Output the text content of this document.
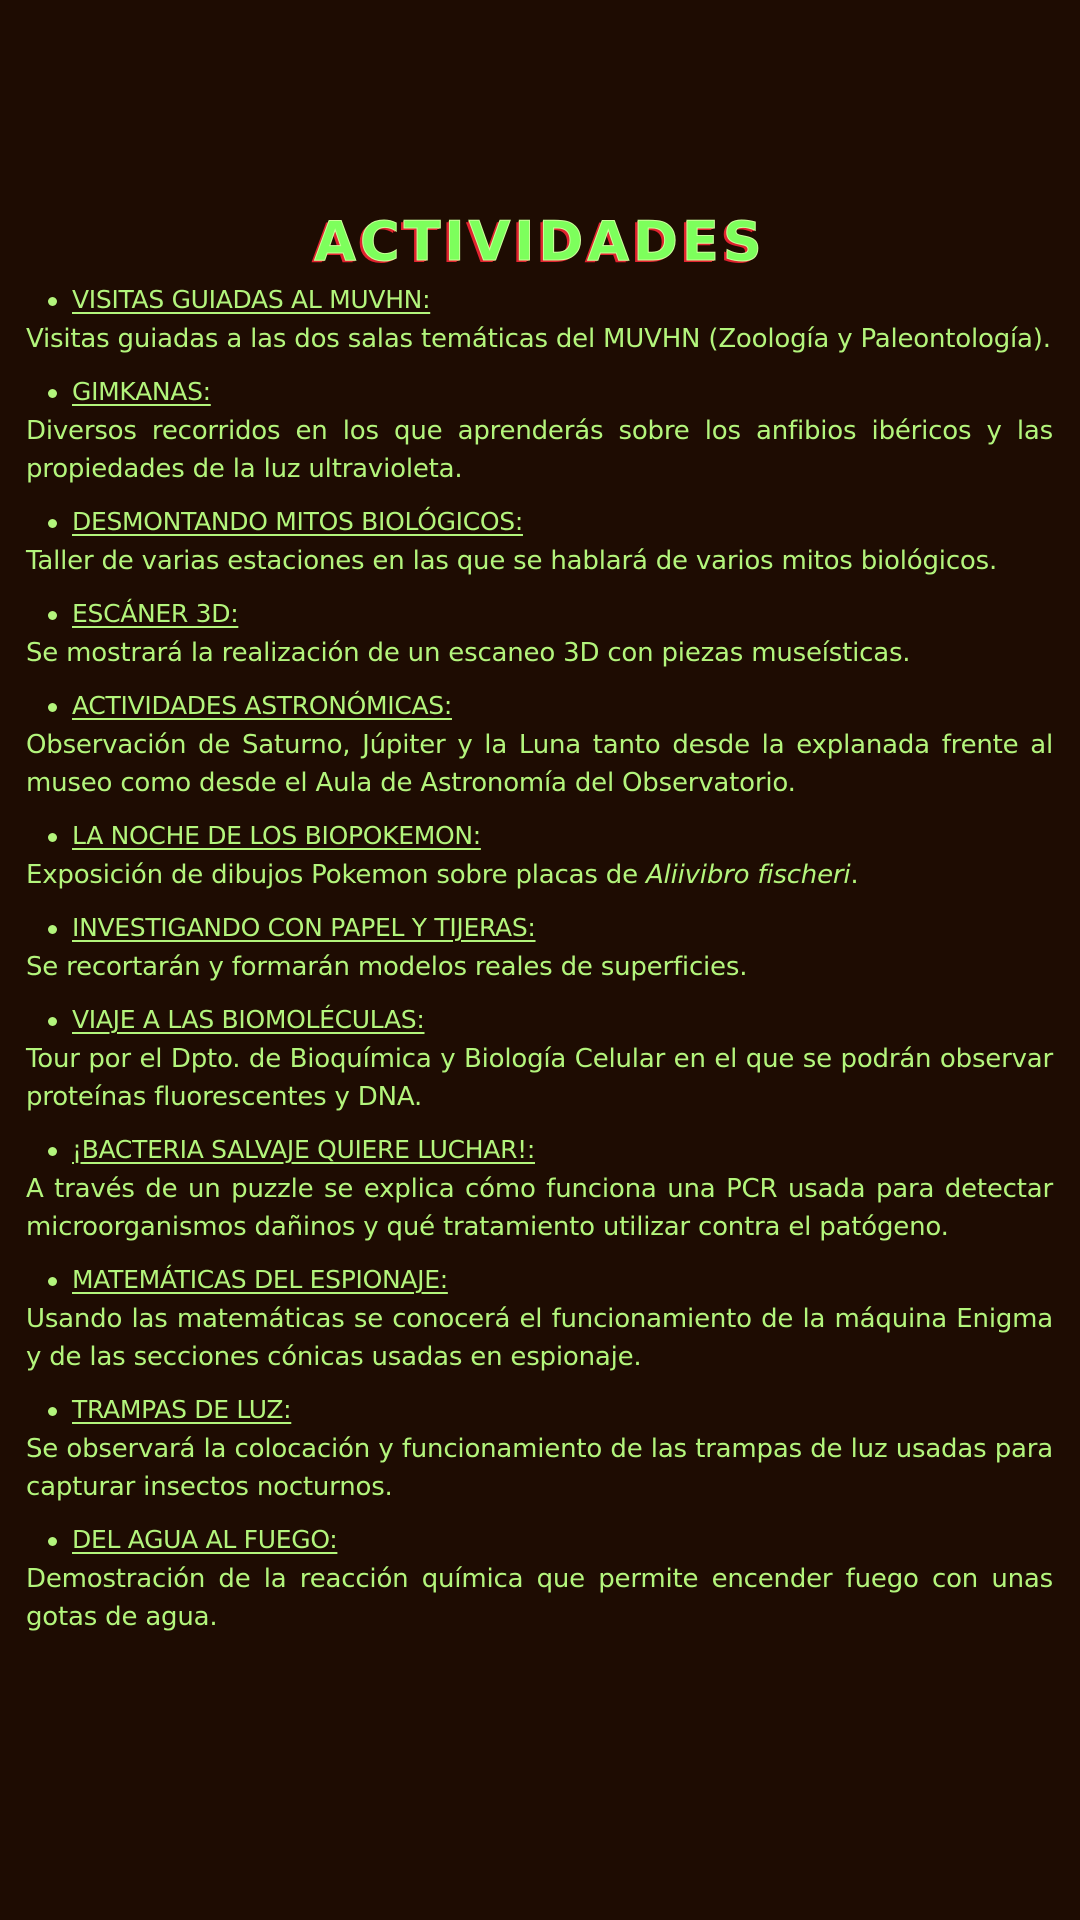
ACTIVIDADES
VISITAS GUIADAS AL MUVHN:

Visitas guiadas a las dos salas temáticas del MUVHN (Zoología y Paleontología).

GIMKANAS:

Diversos recorridos en los que aprenderás sobre los anfibios ibéricos y las propiedades de la luz ultravioleta.

DESMONTANDO MITOS BIOLÓGICOS:

Taller de varias estaciones en las que se hablará de varios mitos biológicos.

ESCÁNER 3D:

Se mostrará la realización de un escaneo 3D con piezas museísticas.

ACTIVIDADES ASTRONÓMICAS:

Observación de Saturno, Júpiter y la Luna tanto desde la explanada frente al museo como desde el Aula de Astronomía del Observatorio.

LA NOCHE DE LOS BIOPOKEMON:

Exposición de dibujos Pokemon sobre placas de Aliivibro fischeri.

INVESTIGANDO CON PAPEL Y TIJERAS:

Se recortarán y formarán modelos reales de superficies.

VIAJE A LAS BIOMOLÉCULAS:

Tour por el Dpto. de Bioquímica y Biología Celular en el que se podrán observar proteínas fluorescentes y DNA.

¡BACTERIA SALVAJE QUIERE LUCHAR!:

A través de un puzzle se explica cómo funciona una PCR usada para detectar microorganismos dañinos y qué tratamiento utilizar contra el patógeno.

MATEMÁTICAS DEL ESPIONAJE:

Usando las matemáticas se conocerá el funcionamiento de la máquina Enigma y de las secciones cónicas usadas en espionaje.

TRAMPAS DE LUZ:

Se observará la colocación y funcionamiento de las trampas de luz usadas para capturar insectos nocturnos.

DEL AGUA AL FUEGO:

Demostración de la reacción química que permite encender fuego con unas gotas de agua.
